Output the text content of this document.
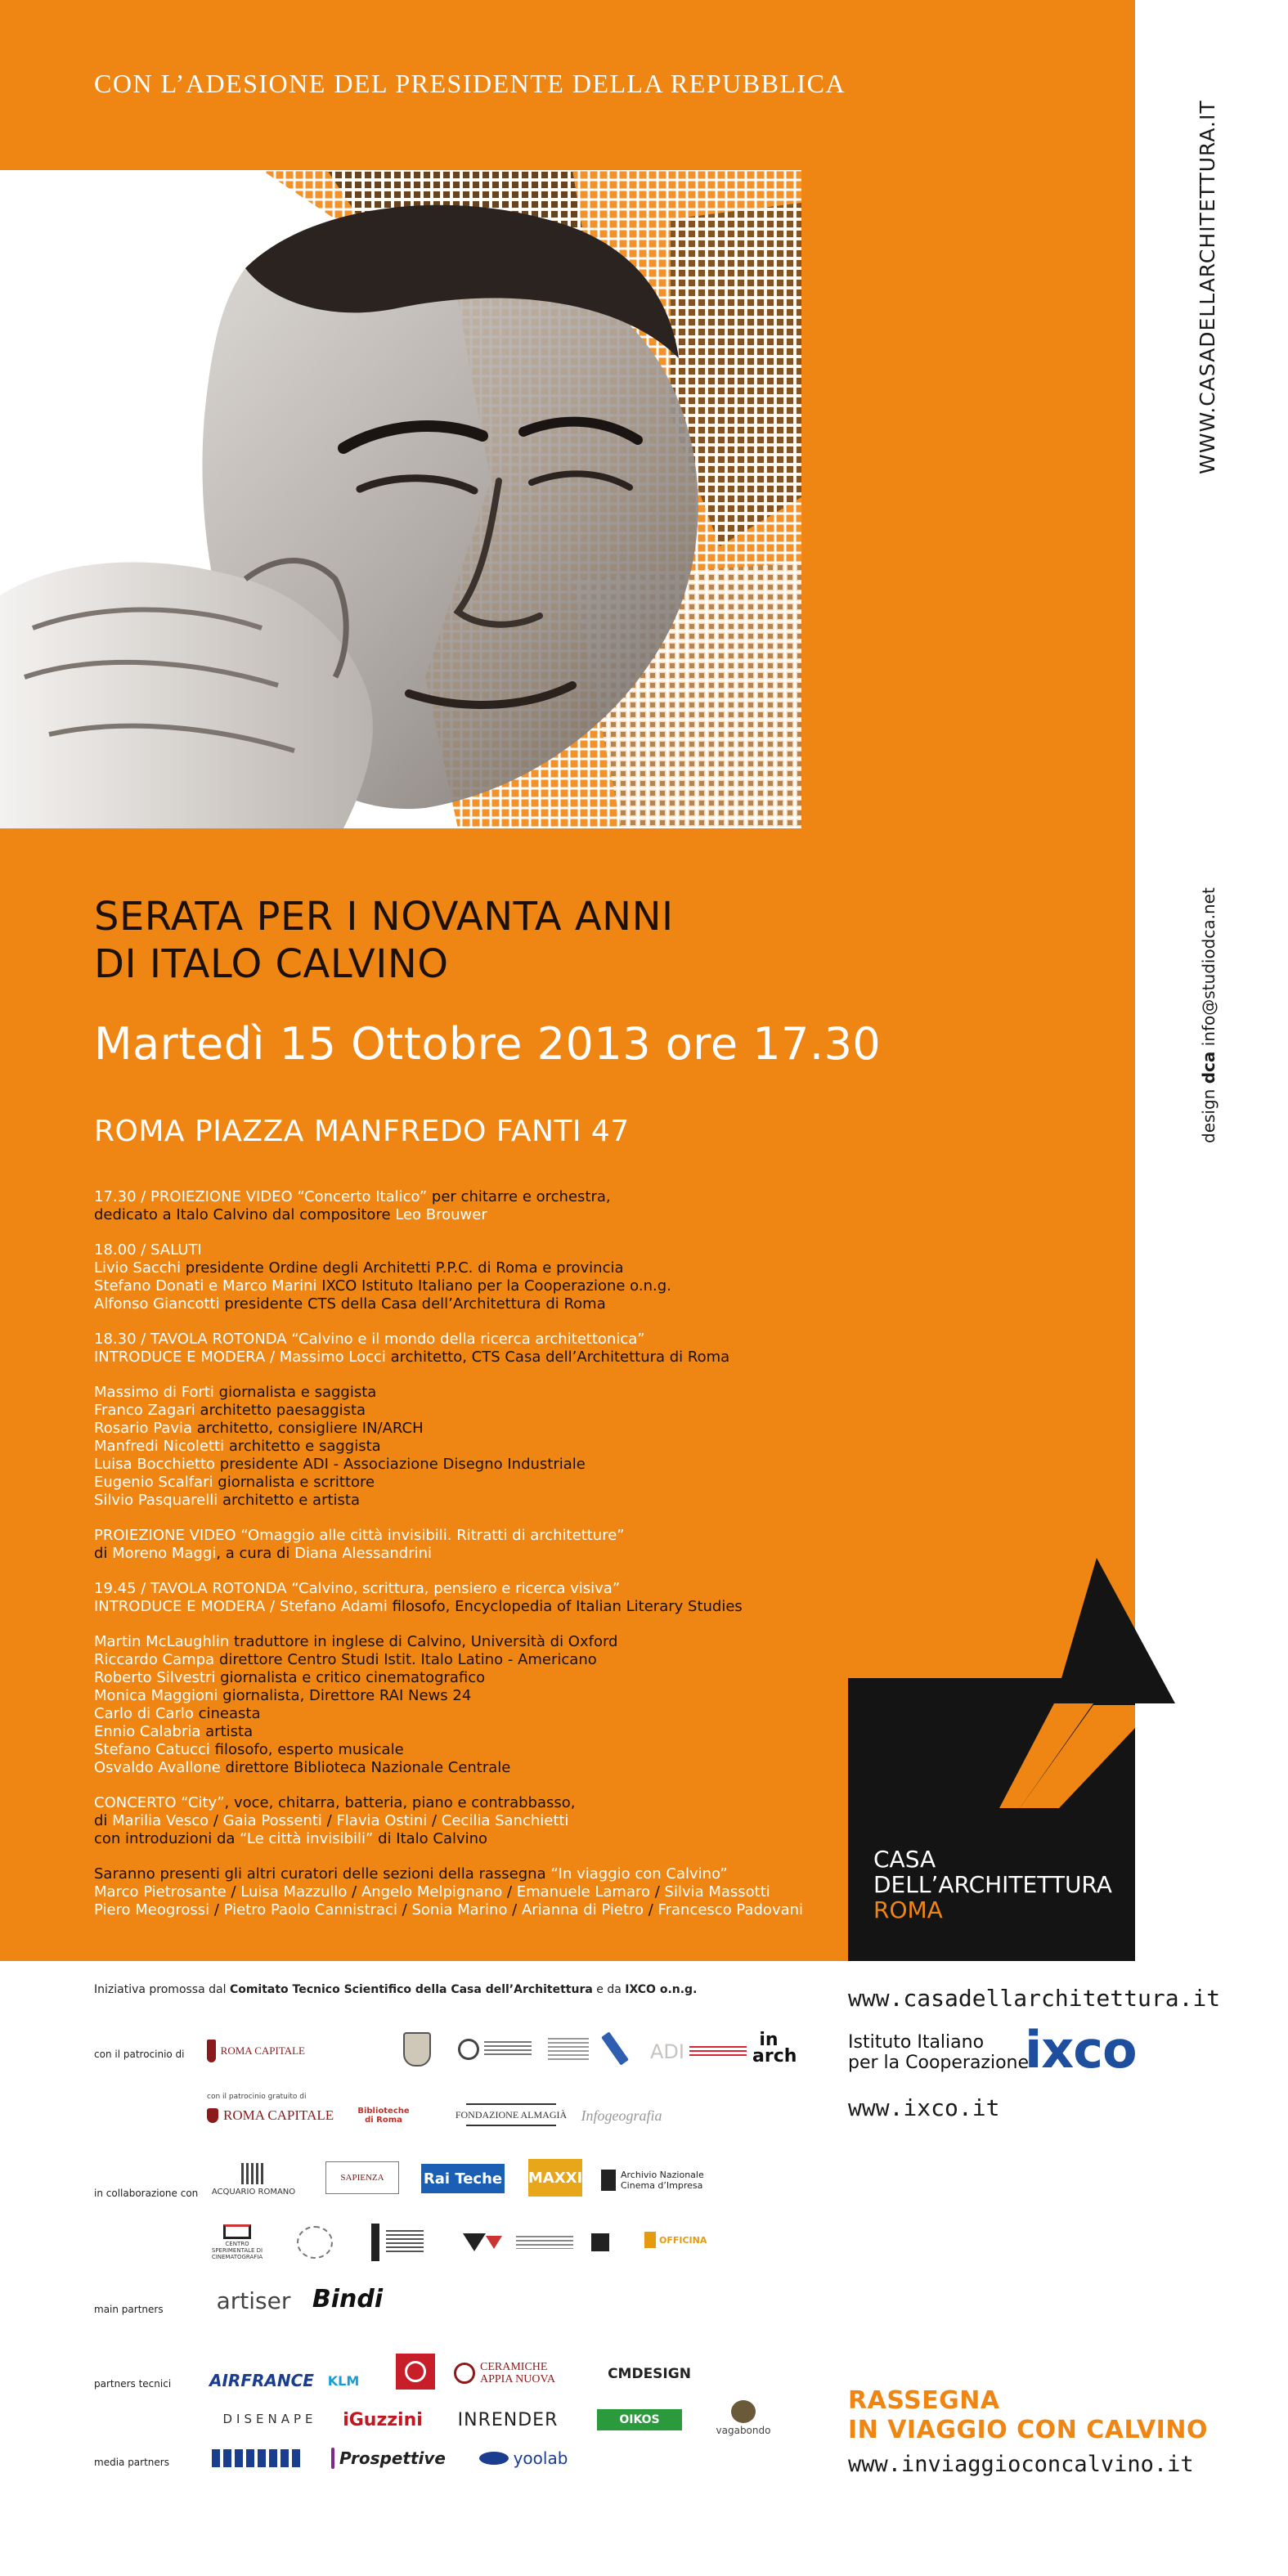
WWW.CASADELLARCHITETTURA.IT
design dca info@studiodca.net
CON L’ADESIONE DEL PRESIDENTE DELLA REPUBBLICA
SERATA PER I NOVANTA ANNI
DI ITALO CALVINO
Martedì 15 Ottobre 2013 ore 17.30
ROMA PIAZZA MANFREDO FANTI 47
17.30 / PROIEZIONE VIDEO “Concerto Italico” per chitarre e orchestra,
dedicato a Italo Calvino dal compositore Leo Brouwer
18.00 / SALUTI
Livio Sacchi presidente Ordine degli Architetti P.P.C. di Roma e provincia
Stefano Donati e Marco Marini IXCO Istituto Italiano per la Cooperazione o.n.g.
Alfonso Giancotti presidente CTS della Casa dell’Architettura di Roma
18.30 / TAVOLA ROTONDA “Calvino e il mondo della ricerca architettonica”
INTRODUCE E MODERA / Massimo Locci architetto, CTS Casa dell’Architettura di Roma
Massimo di Forti giornalista e saggista
Franco Zagari architetto paesaggista
Rosario Pavia architetto, consigliere IN/ARCH
Manfredi Nicoletti architetto e saggista
Luisa Bocchietto presidente ADI - Associazione Disegno Industriale
Eugenio Scalfari giornalista e scrittore
Silvio Pasquarelli architetto e artista
PROIEZIONE VIDEO “Omaggio alle città invisibili. Ritratti di architetture”
di Moreno Maggi, a cura di Diana Alessandrini
19.45 / TAVOLA ROTONDA “Calvino, scrittura, pensiero e ricerca visiva”
INTRODUCE E MODERA / Stefano Adami filosofo, Encyclopedia of Italian Literary Studies
Martin McLaughlin traduttore in inglese di Calvino, Università di Oxford
Riccardo Campa direttore Centro Studi Istit. Italo Latino - Americano
Roberto Silvestri giornalista e critico cinematografico
Monica Maggioni giornalista, Direttore RAI News 24
Carlo di Carlo cineasta
Ennio Calabria artista
Stefano Catucci filosofo, esperto musicale
Osvaldo Avallone direttore Biblioteca Nazionale Centrale
CONCERTO “City”, voce, chitarra, batteria, piano e contrabbasso,
di Marilia Vesco / Gaia Possenti / Flavia Ostini / Cecilia Sanchietti
con introduzioni da “Le città invisibili” di Italo Calvino
Saranno presenti gli altri curatori delle sezioni della rassegna “In viaggio con Calvino”
Marco Pietrosante / Luisa Mazzullo / Angelo Melpignano / Emanuele Lamaro / Silvia Massotti
Piero Meogrossi / Pietro Paolo Cannistraci / Sonia Marino / Arianna di Pietro / Francesco Padovani
CASA
DELL’ARCHITETTURA
ROMA
Iniziativa promossa dal Comitato Tecnico Scientifico della Casa dell’Architettura e da IXCO o.n.g.
con il patrocinio di
in collaborazione con
main partners
partners tecnici
media partners
ROMA CAPITALE	ADI
in arch
con il patrocinio gratuito di
ROMA CAPITALE	Biblioteche di Roma	FONDAZIONE ALMAGIÀ Infogeografia
ACQUARIO ROMANO
SAPIENZA	Rai Teche MAXXI	Archivio Nazionale Cinema d’Impresa
CENTRO SPERIMENTALE DI CINEMATOGRAFIA
OFFICINA
artiser Bindi
AIRFRANCE KLM
CERAMICHE APPIA NUOVA	CMDESIGN
DISENAPE iGuzzini INRENDER	OIKOS
vagabondo
Prospettive	yoolab
www.casadellarchitettura.it
Istituto Italiano
per la Cooperazione
ixco
www.ixco.it
RASSEGNA
IN VIAGGIO CON CALVINO
www.inviaggioconcalvino.it
